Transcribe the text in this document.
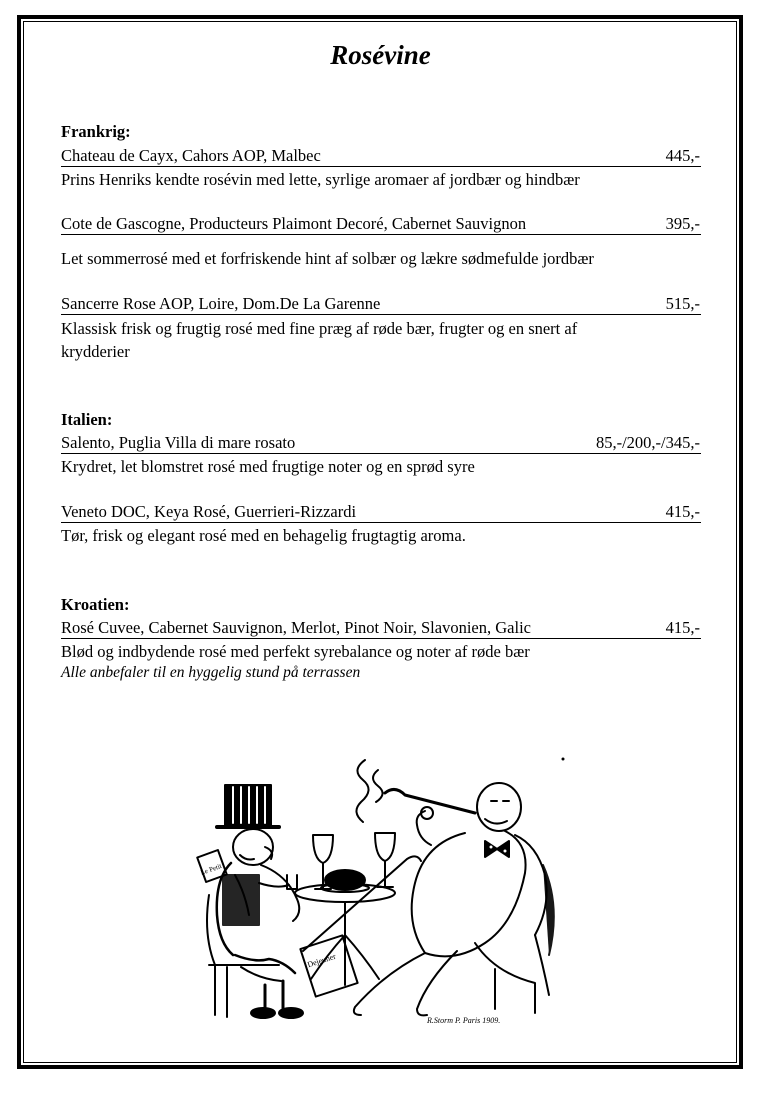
Rosévine
Frankrig:
Chateau de Cayx, Cahors AOP, Malbec	445,-
Prins Henriks kendte rosévin med lette, syrlige aromaer af jordbær og hindbær
Cote de Gascogne, Producteurs Plaimont Decoré, Cabernet Sauvignon	395,-
Let sommerrosé med et forfriskende hint af solbær og lækre sødmefulde jordbær
Sancerre Rose AOP, Loire, Dom.De La Garenne	515,-
Klassisk frisk og frugtig rosé med fine præg af røde bær, frugter og en snert af
krydderier
Italien:
Salento, Puglia Villa di mare rosato	85,-/200,-/345,-
Krydret, let blomstret rosé med frugtige noter og en sprød syre
Veneto DOC, Keya Rosé, Guerrieri-Rizzardi	415,-
Tør, frisk og elegant rosé med en behagelig frugtagtig aroma.
Kroatien:
Rosé Cuvee, Cabernet Sauvignon, Merlot, Pinot Noir, Slavonien, Galic	415,-
Blød og indbydende rosé med perfekt syrebalance og noter af røde bær
Alle anbefaler til en hyggelig stund på terrassen
Le Petit
Dejeuner
R.Storm P. Paris 1909.
